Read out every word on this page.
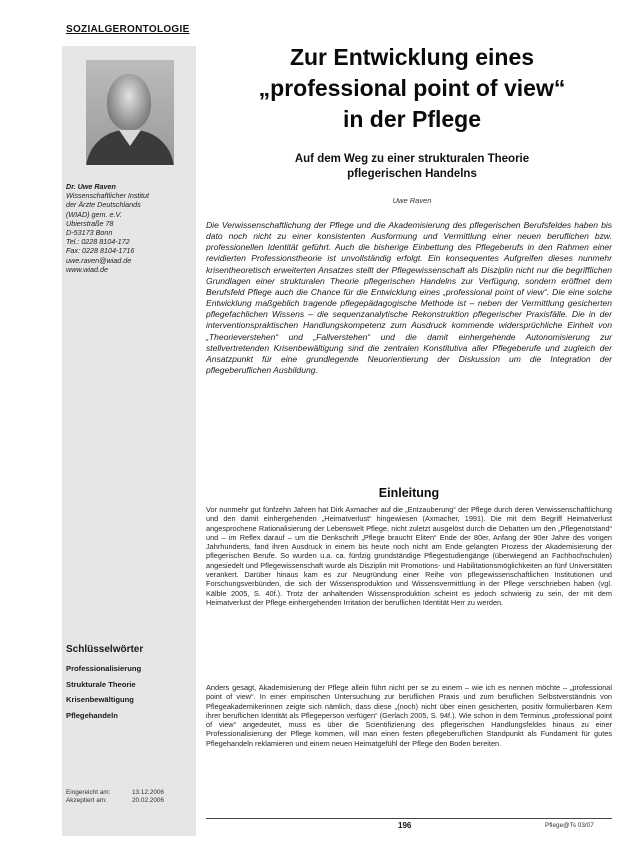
SOZIALGERONTOLOGIE
Dr. Uwe Raven
Wissenschaftlicher Institut
der Ärzte Deutschlands
(WIAD) gem. e.V.
Ubierstraße 78
D-53173 Bonn
Tel.: 0228 8104-172
Fax: 0228 8104-1716
uwe.raven@wiad.de
www.wiad.de
Zur Entwicklung eines
„professional point of view“
in der Pflege
Auf dem Weg zu einer strukturalen Theorie
pflegerischen Handelns
Uwe Raven

Die Verwissenschaftlichung der Pflege und die Akademisierung des pflegerischen Berufsfeldes haben bis dato noch nicht zu einer konsistenten Ausformung und Vermittlung einer neuen beruflichen bzw. professionellen Identität geführt. Auch die bisherige Einbettung des Pflegeberufs in den Rahmen einer revidierten Professionstheorie ist unvollständig erfolgt. Ein konsequentes Aufgreifen dieses nunmehr krisentheoretisch erweiterten Ansatzes stellt der Pflegewissenschaft als Disziplin nicht nur die begrifflichen Grundlagen einer strukturalen Theorie pflegerischen Handelns zur Verfügung, sondern eröffnet dem Berufsfeld Pflege auch die Chance für die Entwicklung eines „professional point of view“. Die eine solche Entwicklung maßgeblich tragende pflegepädagogische Methode ist – neben der Vermittlung gesicherten pflegefachlichen Wissens – die sequenzanalytische Rekonstruktion pflegerischer Praxisfälle. Die in der interventionspraktischen Handlungskompetenz zum Ausdruck kommende widersprüchliche Einheit von „Theorieverstehen“ und „Fallverstehen“ und die damit einhergehende Autonomisierung zur stellvertretenden Krisenbewältigung sind die zentralen Konstitutiva aller Pflegeberufe und zugleich der Ansatzpunkt für eine grundlegende Neuorientierung der Diskussion um die Integration der pflegeberuflichen Ausbildung.

Einleitung

Vor nunmehr gut fünfzehn Jahren hat Dirk Axmacher auf die „Entzauberung“ der Pflege durch deren Verwissenschaftlichung und den damit einhergehenden „Heimatverlust“ hingewiesen (Axmacher, 1991). Die mit dem Begriff Heimatverlust angesprochene Rationalisierung der Lebenswelt Pflege, nicht zuletzt ausgelöst durch die Debatten um den „Pflegenotstand“ und – im Reflex darauf – um die Denkschrift „Pflege braucht Eliten“ Ende der 80er, Anfang der 90er Jahre des vorigen Jahrhunderts, fand ihren Ausdruck in einem bis heute noch nicht am Ende gelangten Prozess der Akademisierung der pflegerischen Berufe. So wurden u.a. ca. fünfzig grundständige Pflegestudiengänge (überwiegend an Fachhochschulen) angesiedelt und Pflegewissenschaft wurde als Disziplin mit Promotions- und Habilitationsmöglichkeiten an fünf Universitäten verankert. Darüber hinaus kam es zur Neugründung einer Reihe von pflegewissenschaftlichen Institutionen und Forschungsverbünden, die sich der Wissensproduktion und Wissensvermittlung in der Pflege verschrieben haben (vgl. Kälble 2005, S. 40f.). Trotz der anhaltenden Wissensproduktion scheint es jedoch schwierig zu sein, der mit dem Heimatverlust der Pflege einhergehenden Irritation der beruflichen Identität Herr zu werden.

Anders gesagt, Akademisierung der Pflege allein führt nicht per se zu einem – wie ich es nennen möchte – „professional point of view“. In einer empirischen Untersuchung zur beruflichen Praxis und zum beruflichen Selbstverständnis von Pflegeakademikerinnen zeigte sich nämlich, dass diese „(noch) nicht über einen gesicherten, positiv formulierbaren Kern ihrer beruflichen Identität als Pflegeperson verfügen“ (Gerlach 2005, S. 94f.). Wie schon in dem Terminus „professional point of view“ angedeutet, muss es über die Scientifizierung des pflegerischen Handlungsfeldes hinaus zu einer Professionalisierung der Pflege kommen, will man einen festen pflegeberuflichen Standpunkt als Fundament für gutes Pflegehandeln reklamieren und einem neuen Heimatgefühl der Pflege den Boden bereiten.

Schlüsselwörter
Professionalisierung
Strukturale Theorie
Krisenbewältigung
Pflegehandeln
Eingereicht am:	13.12.2006
Akzeptiert am:	20.02.2006
196	Pflege@Ts 03/07
